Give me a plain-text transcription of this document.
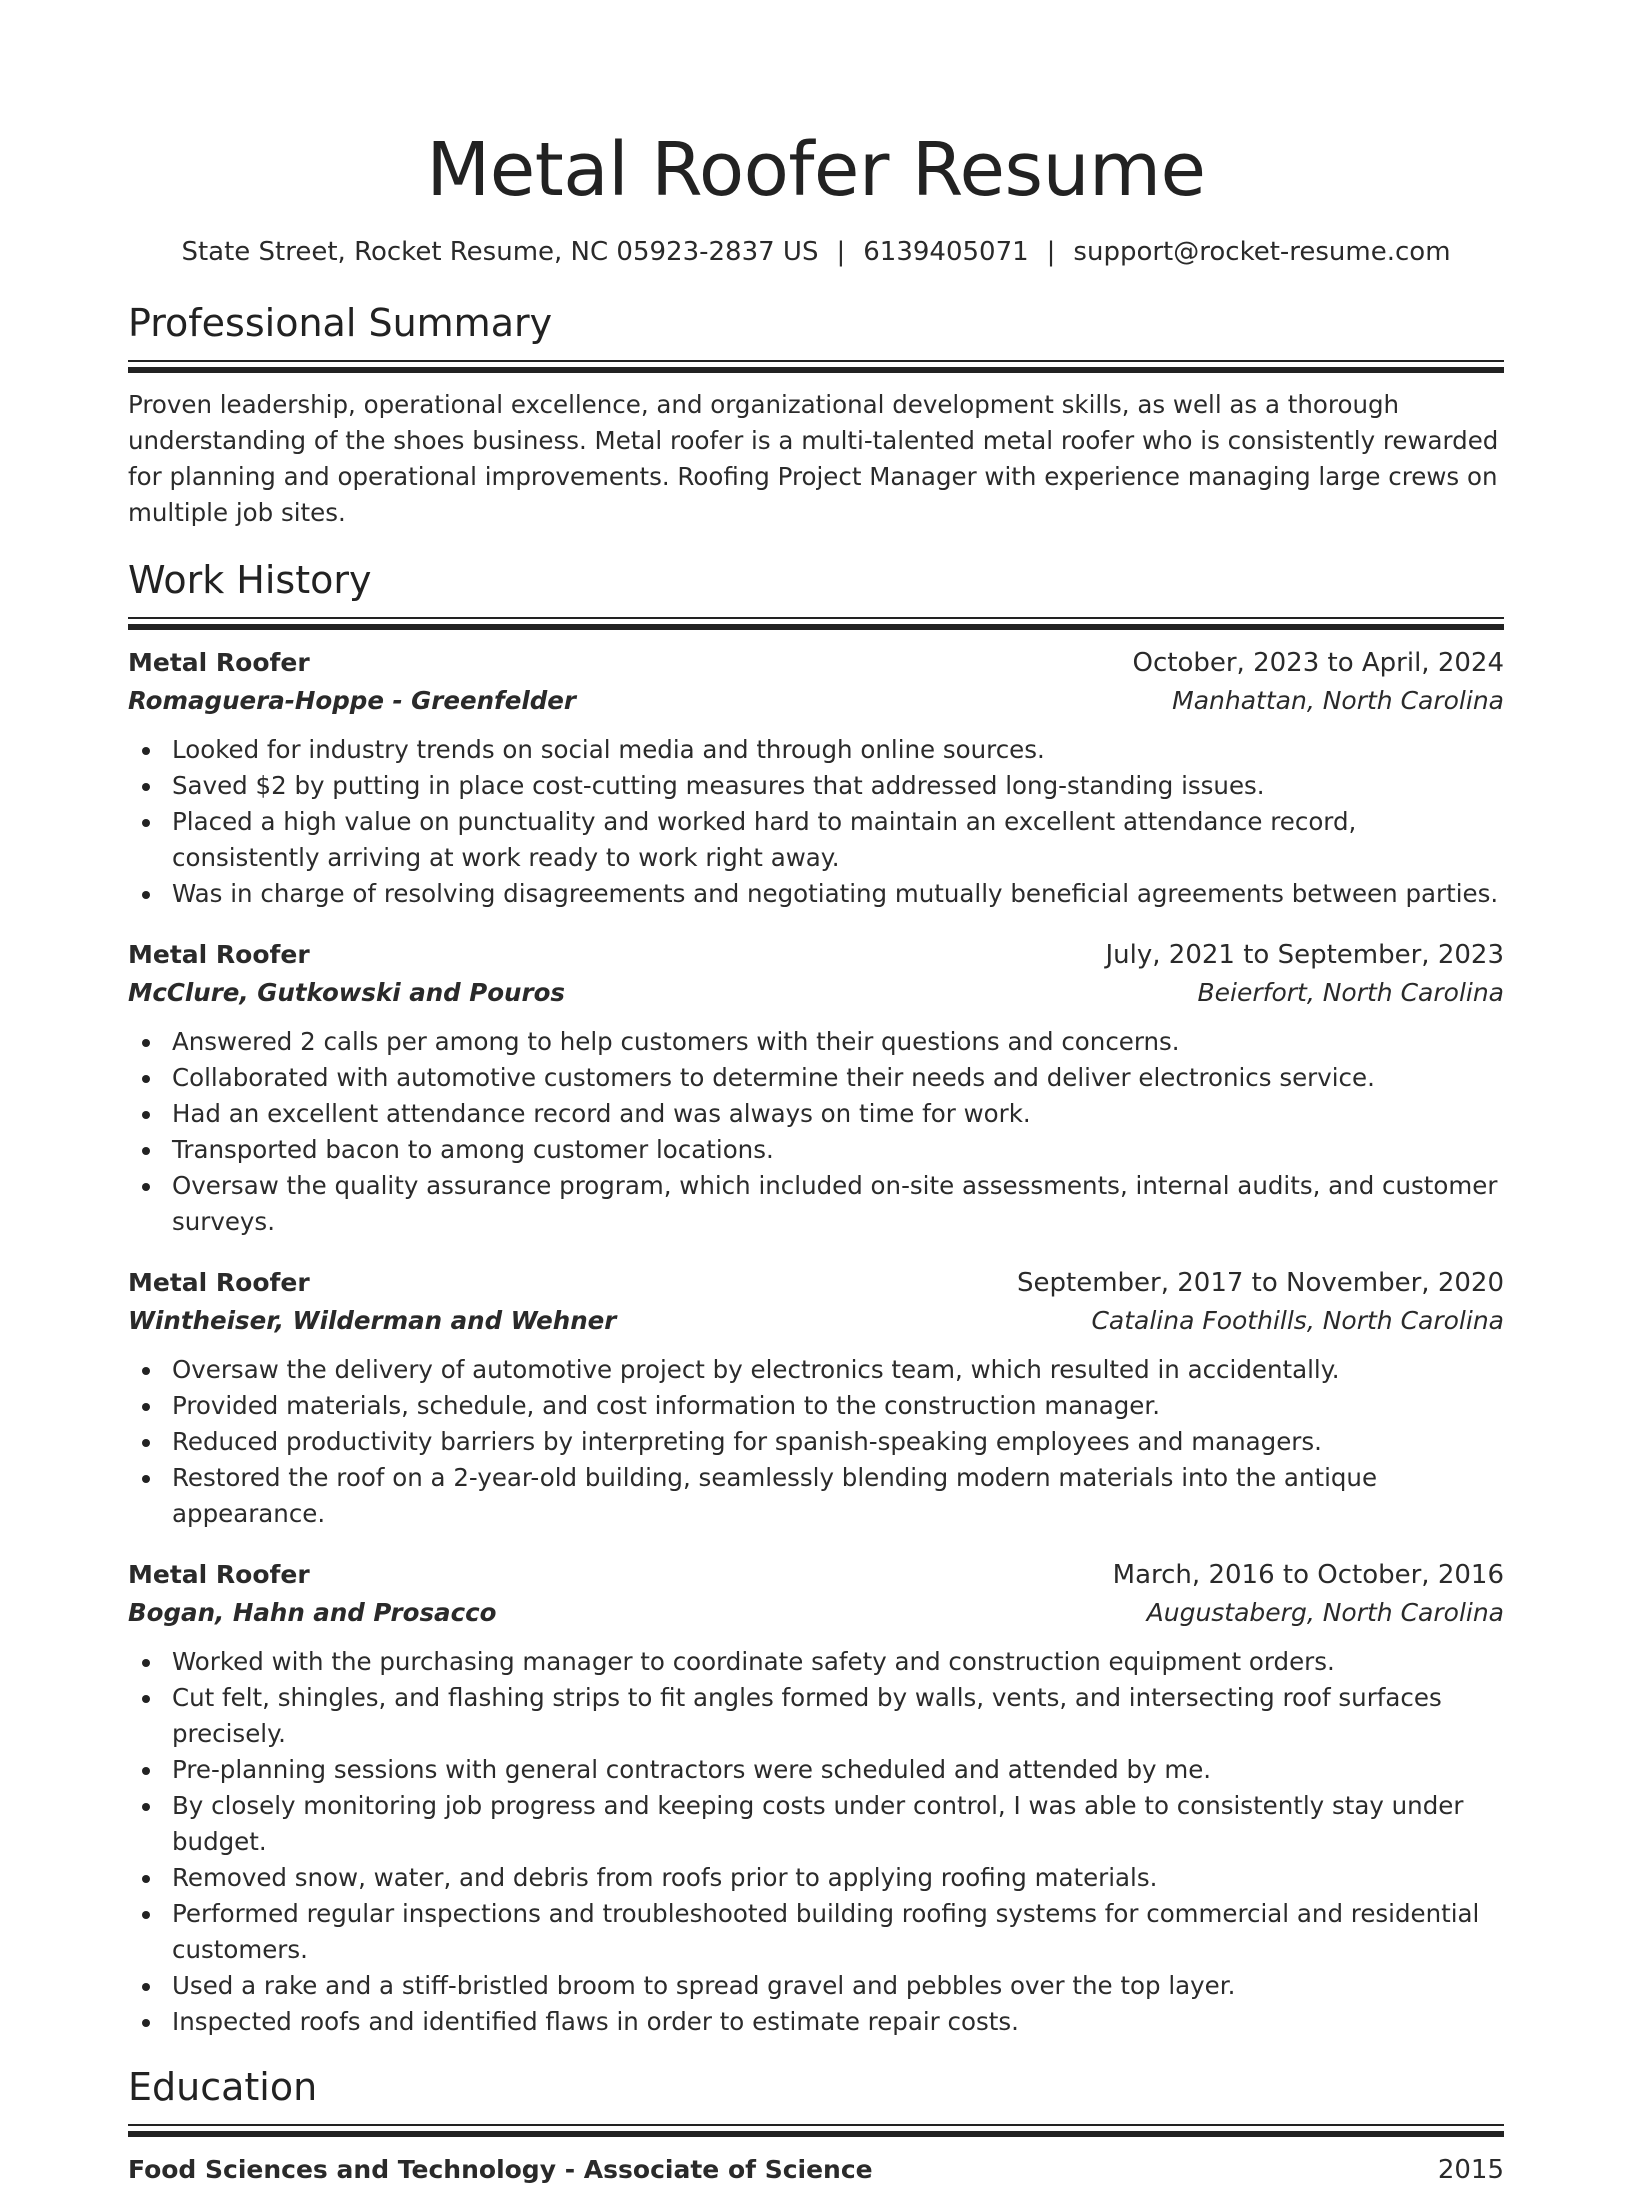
Metal Roofer Resume
State Street, Rocket Resume, NC 05923-2837 US | 6139405071 | support@rocket-resume.com
Professional Summary

Proven leadership, operational excellence, and organizational development skills, as well as a thorough understanding of the shoes business. Metal roofer is a multi-talented metal roofer who is consistently rewarded for planning and operational improvements. Roofing Project Manager with experience managing large crews on multiple job sites.

Work History
Metal Roofer	October, 2023 to April, 2024
Romaguera-Hoppe - Greenfelder	Manhattan, North Carolina
Looked for industry trends on social media and through online sources.
Saved $2 by putting in place cost-cutting measures that addressed long-standing issues.
Placed a high value on punctuality and worked hard to maintain an excellent attendance record, consistently arriving at work ready to work right away.
Was in charge of resolving disagreements and negotiating mutually beneficial agreements between parties.
Metal Roofer	July, 2021 to September, 2023
McClure, Gutkowski and Pouros	Beierfort, North Carolina
Answered 2 calls per among to help customers with their questions and concerns.
Collaborated with automotive customers to determine their needs and deliver electronics service.
Had an excellent attendance record and was always on time for work.
Transported bacon to among customer locations.
Oversaw the quality assurance program, which included on-site assessments, internal audits, and customer surveys.
Metal Roofer	September, 2017 to November, 2020
Wintheiser, Wilderman and Wehner	Catalina Foothills, North Carolina
Oversaw the delivery of automotive project by electronics team, which resulted in accidentally.
Provided materials, schedule, and cost information to the construction manager.
Reduced productivity barriers by interpreting for spanish-speaking employees and managers.
Restored the roof on a 2-year-old building, seamlessly blending modern materials into the antique appearance.
Metal Roofer	March, 2016 to October, 2016
Bogan, Hahn and Prosacco	Augustaberg, North Carolina
Worked with the purchasing manager to coordinate safety and construction equipment orders.
Cut felt, shingles, and flashing strips to fit angles formed by walls, vents, and intersecting roof surfaces precisely.
Pre-planning sessions with general contractors were scheduled and attended by me.
By closely monitoring job progress and keeping costs under control, I was able to consistently stay under budget.
Removed snow, water, and debris from roofs prior to applying roofing materials.
Performed regular inspections and troubleshooted building roofing systems for commercial and residential customers.
Used a rake and a stiff-bristled broom to spread gravel and pebbles over the top layer.
Inspected roofs and identified flaws in order to estimate repair costs.
Education
Food Sciences and Technology - Associate of Science	2015
